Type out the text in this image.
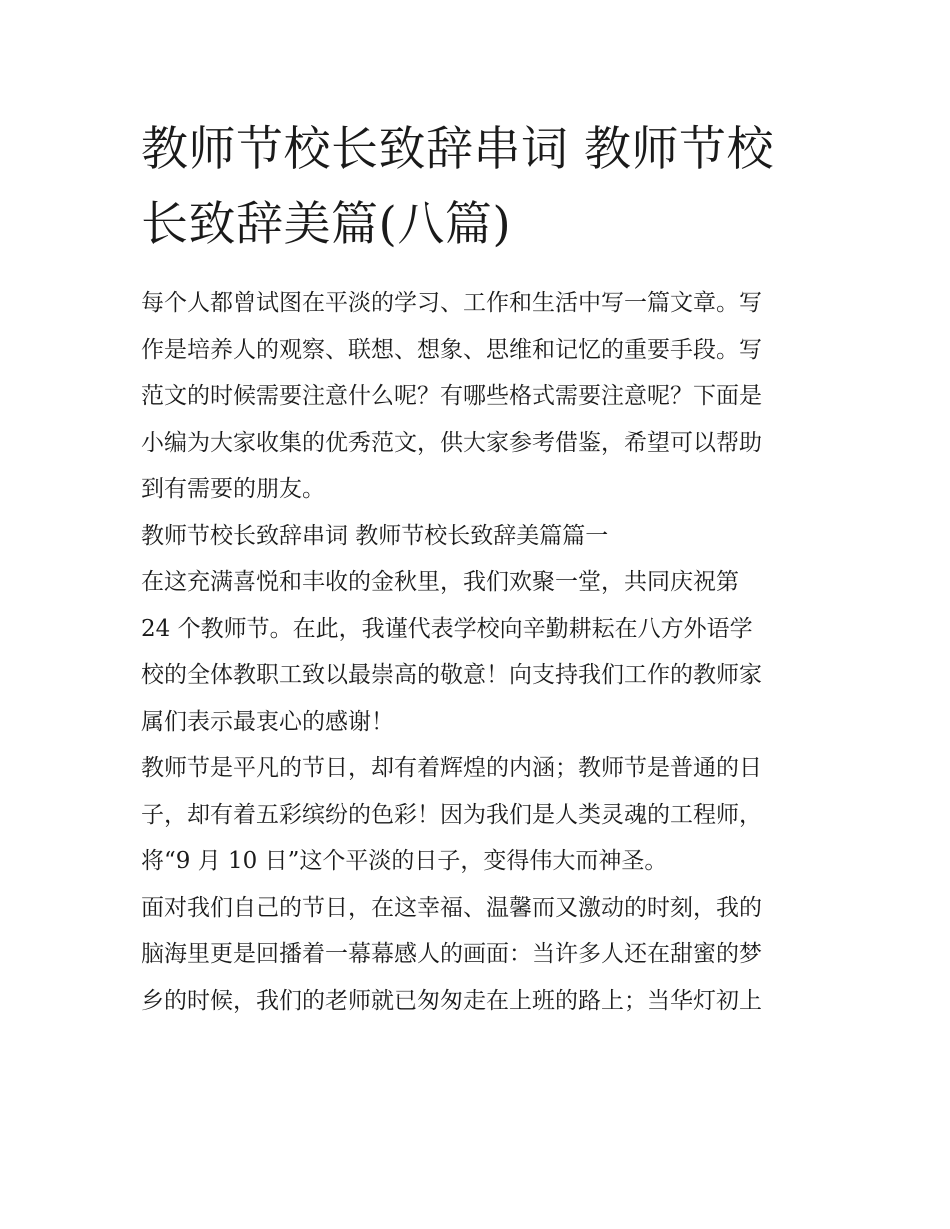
教师节校长致辞串词 教师节校
长致辞美篇(八篇)

每个人都曾试图在平淡的学习、工作和生活中写一篇文章。写
作是培养人的观察、联想、想象、思维和记忆的重要手段。写
范文的时候需要注意什么呢？有哪些格式需要注意呢？下面是
小编为大家收集的优秀范文，供大家参考借鉴，希望可以帮助
到有需要的朋友。

教师节校长致辞串词 教师节校长致辞美篇篇一

在这充满喜悦和丰收的金秋里，我们欢聚一堂，共同庆祝第
24 个教师节。在此，我谨代表学校向辛勤耕耘在八方外语学
校的全体教职工致以最崇高的敬意！向支持我们工作的教师家
属们表示最衷心的感谢！

教师节是平凡的节日，却有着辉煌的内涵；教师节是普通的日
子，却有着五彩缤纷的色彩！因为我们是人类灵魂的工程师，
将“9 月 10 日”这个平淡的日子，变得伟大而神圣。

面对我们自己的节日，在这幸福、温馨而又激动的时刻，我的
脑海里更是回播着一幕幕感人的画面：当许多人还在甜蜜的梦
乡的时候，我们的老师就已匆匆走在上班的路上；当华灯初上
